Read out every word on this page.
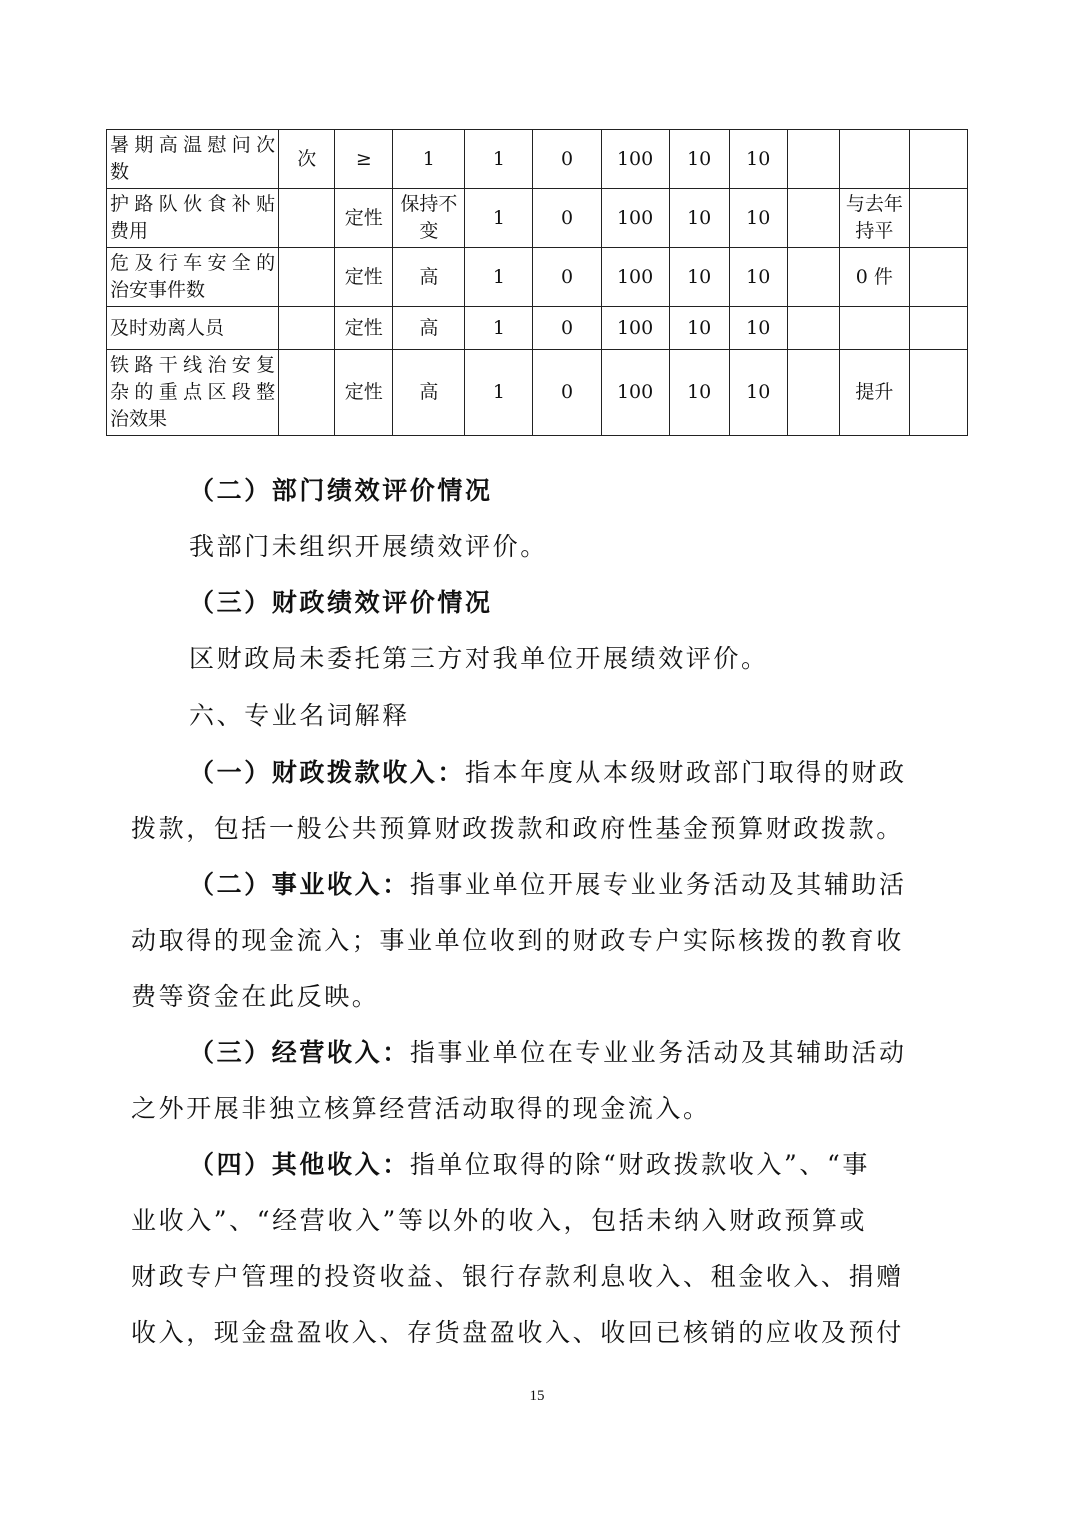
暑期高温慰问次
数	次	≥	1	1	0	100	10	10			

护路队伙食补贴
费用		定性	保持不变	1	0	100	10	10		与去年持平	

危及行车安全的
治安事件数		定性	高	1	0	100	10	10		0 件	

及时劝离人员		定性	高	1	0	100	10	10			

铁路干线治安复
杂的重点区段整
治效果		定性	高	1	0	100	10	10		提升	
（二）部门绩效评价情况
我部门未组织开展绩效评价。
（三）财政绩效评价情况
区财政局未委托第三方对我单位开展绩效评价。
六、专业名词解释
（一）财政拨款收入：指本年度从本级财政部门取得的财政
拨款，包括一般公共预算财政拨款和政府性基金预算财政拨款。
（二）事业收入：指事业单位开展专业业务活动及其辅助活
动取得的现金流入；事业单位收到的财政专户实际核拨的教育收
费等资金在此反映。
（三）经营收入：指事业单位在专业业务活动及其辅助活动
之外开展非独立核算经营活动取得的现金流入。
（四）其他收入：指单位取得的除“财政拨款收入”、“事
业收入”、“经营收入”等以外的收入，包括未纳入财政预算或
财政专户管理的投资收益、银行存款利息收入、租金收入、捐赠
收入，现金盘盈收入、存货盘盈收入、收回已核销的应收及预付
15
